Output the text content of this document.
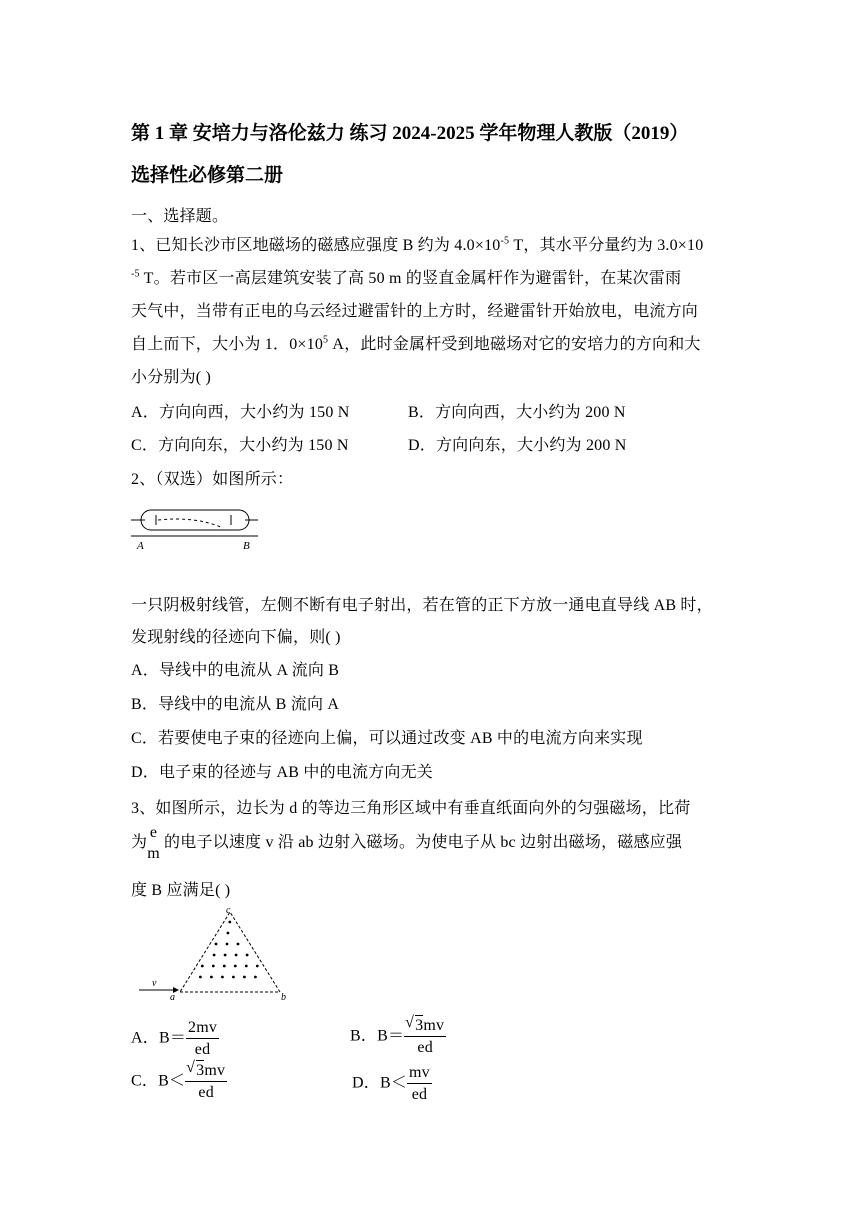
第 1 章 安培力与洛伦兹力 练习 2024-2025 学年物理人教版（2019）
选择性必修第二册
一、选择题。
1、已知长沙市区地磁场的磁感应强度 B 约为 $4.0\times 10^{-5}$ T，其水平分量约为 3.0×10
$^{-5}$ T。若市区一高层建筑安装了高 50 m 的竖直金属杆作为避雷针，在某次雷雨
天气中，当带有正电的乌云经过避雷针的上方时，经避雷针开始放电，电流方向
自上而下，大小为 1．$0\times 10^5$ A，此时金属杆受到地磁场对它的安培力的方向和大
小分别为( )
A．方向向西，大小约为 150 N	B．方向向西，大小约为 200 N
C．方向向东，大小约为 150 N	D．方向向东，大小约为 200 N
2、（双选）如图所示：
A	B
一只阴极射线管，左侧不断有电子射出，若在管的正下方放一通电直导线 AB 时，
发现射线的径迹向下偏，则( )
A．导线中的电流从 A 流向 B
B．导线中的电流从 B 流向 A
C．若要使电子束的径迹向上偏，可以通过改变 AB 中的电流方向来实现
D．电子束的径迹与 AB 中的电流方向无关
3、如图所示，边长为 d 的等边三角形区域中有垂直纸面向外的匀强磁场，比荷
为
e
m
的电子以速度 v 沿 ab 边射入磁场。为使电子从 bc 边射出磁场，磁感应强
度 B 应满足( )
v
a	b
c
A．$B= \frac{2mv}{ed}$	B．B＝ √ $\frac{3mv}{ed}$
C．B＜ √ $\frac{3mv}{ed}$	D．$B< \frac{mv}{ed}$
